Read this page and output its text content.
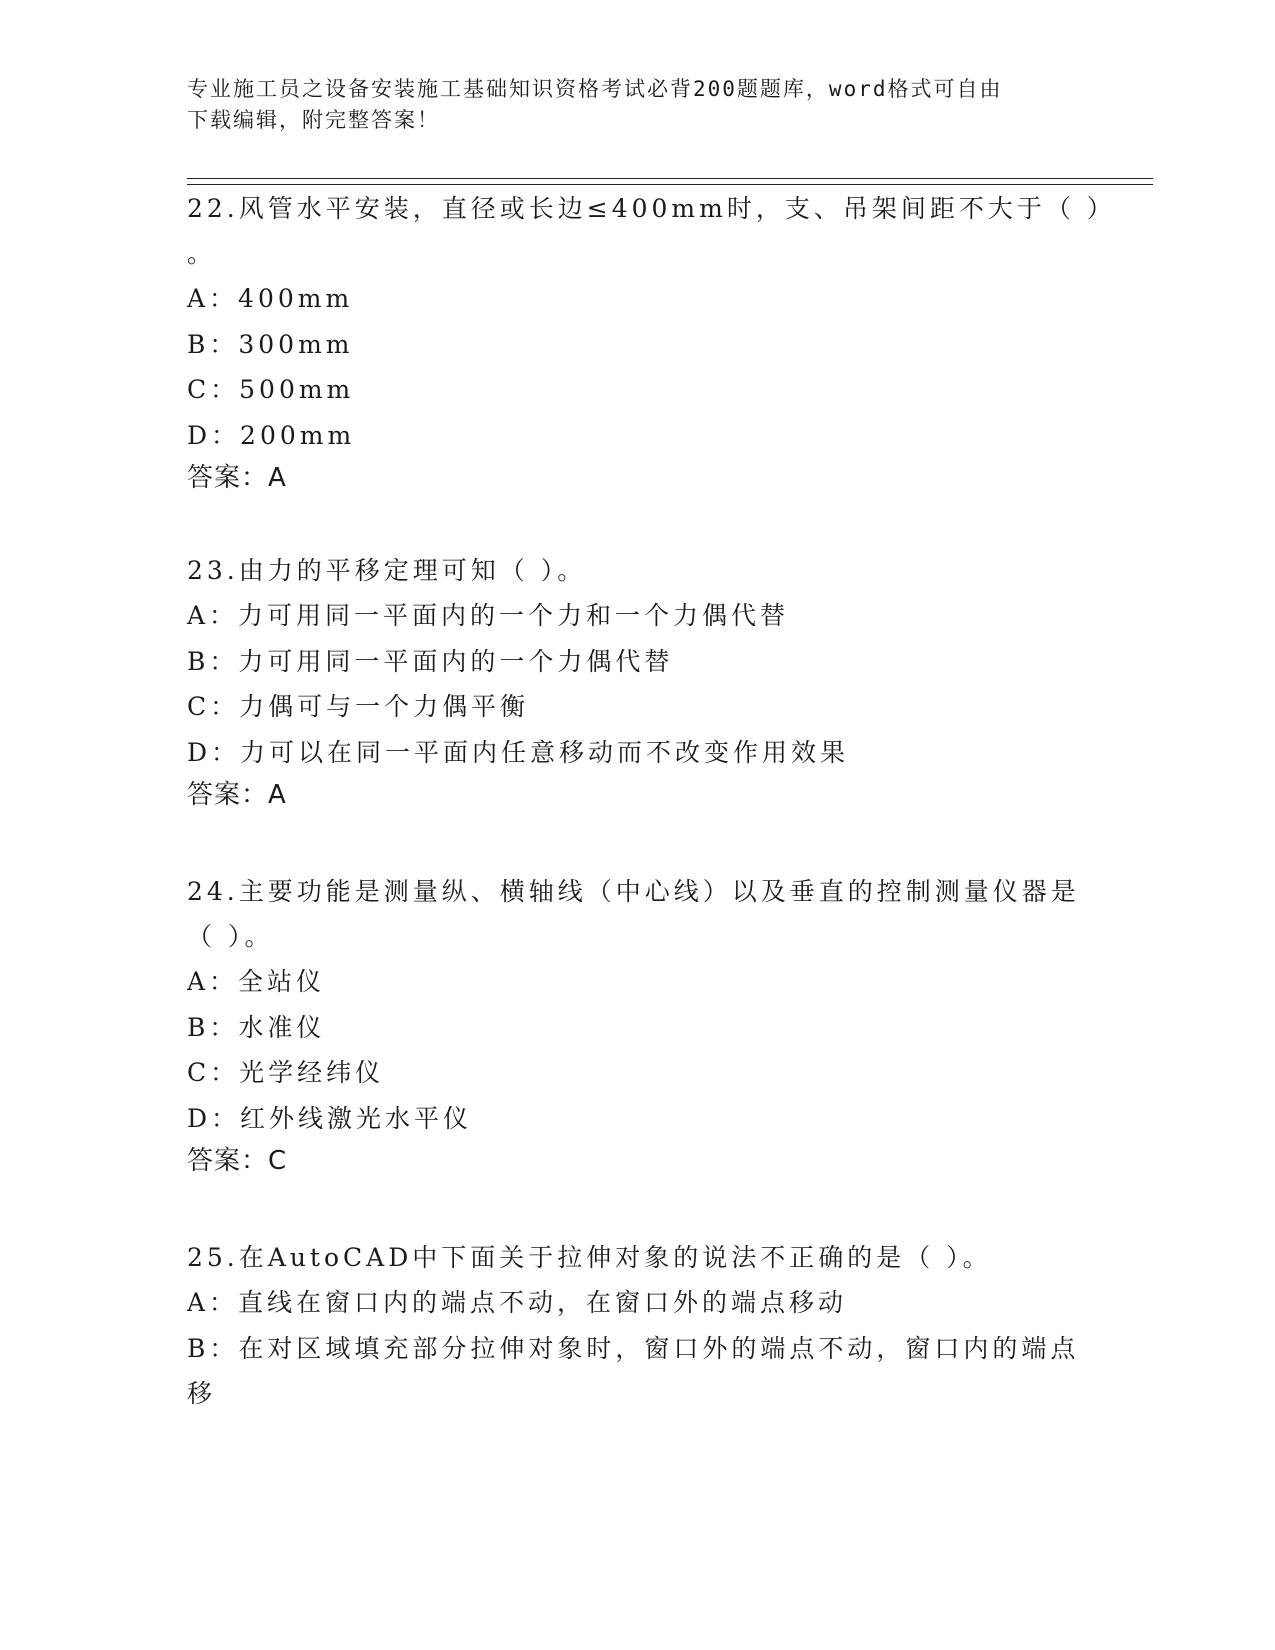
专业施工员之设备安装施工基础知识资格考试必背200题题库，word格式可自由
下载编辑，附完整答案！
22.风管水平安装，直径或长边≤400mm时，支、吊架间距不大于（ ）
。
A：400mm
B：300mm
C：500mm
D：200mm
答案：A
23.由力的平移定理可知（ ）。
A：力可用同一平面内的一个力和一个力偶代替
B：力可用同一平面内的一个力偶代替
C：力偶可与一个力偶平衡
D：力可以在同一平面内任意移动而不改变作用效果
答案：A
24.主要功能是测量纵、横轴线（中心线）以及垂直的控制测量仪器是
（ ）。
A：全站仪
B：水准仪
C：光学经纬仪
D：红外线激光水平仪
答案：C
25.在AutoCAD中下面关于拉伸对象的说法不正确的是（ ）。
A：直线在窗口内的端点不动，在窗口外的端点移动
B：在对区域填充部分拉伸对象时，窗口外的端点不动，窗口内的端点
移
